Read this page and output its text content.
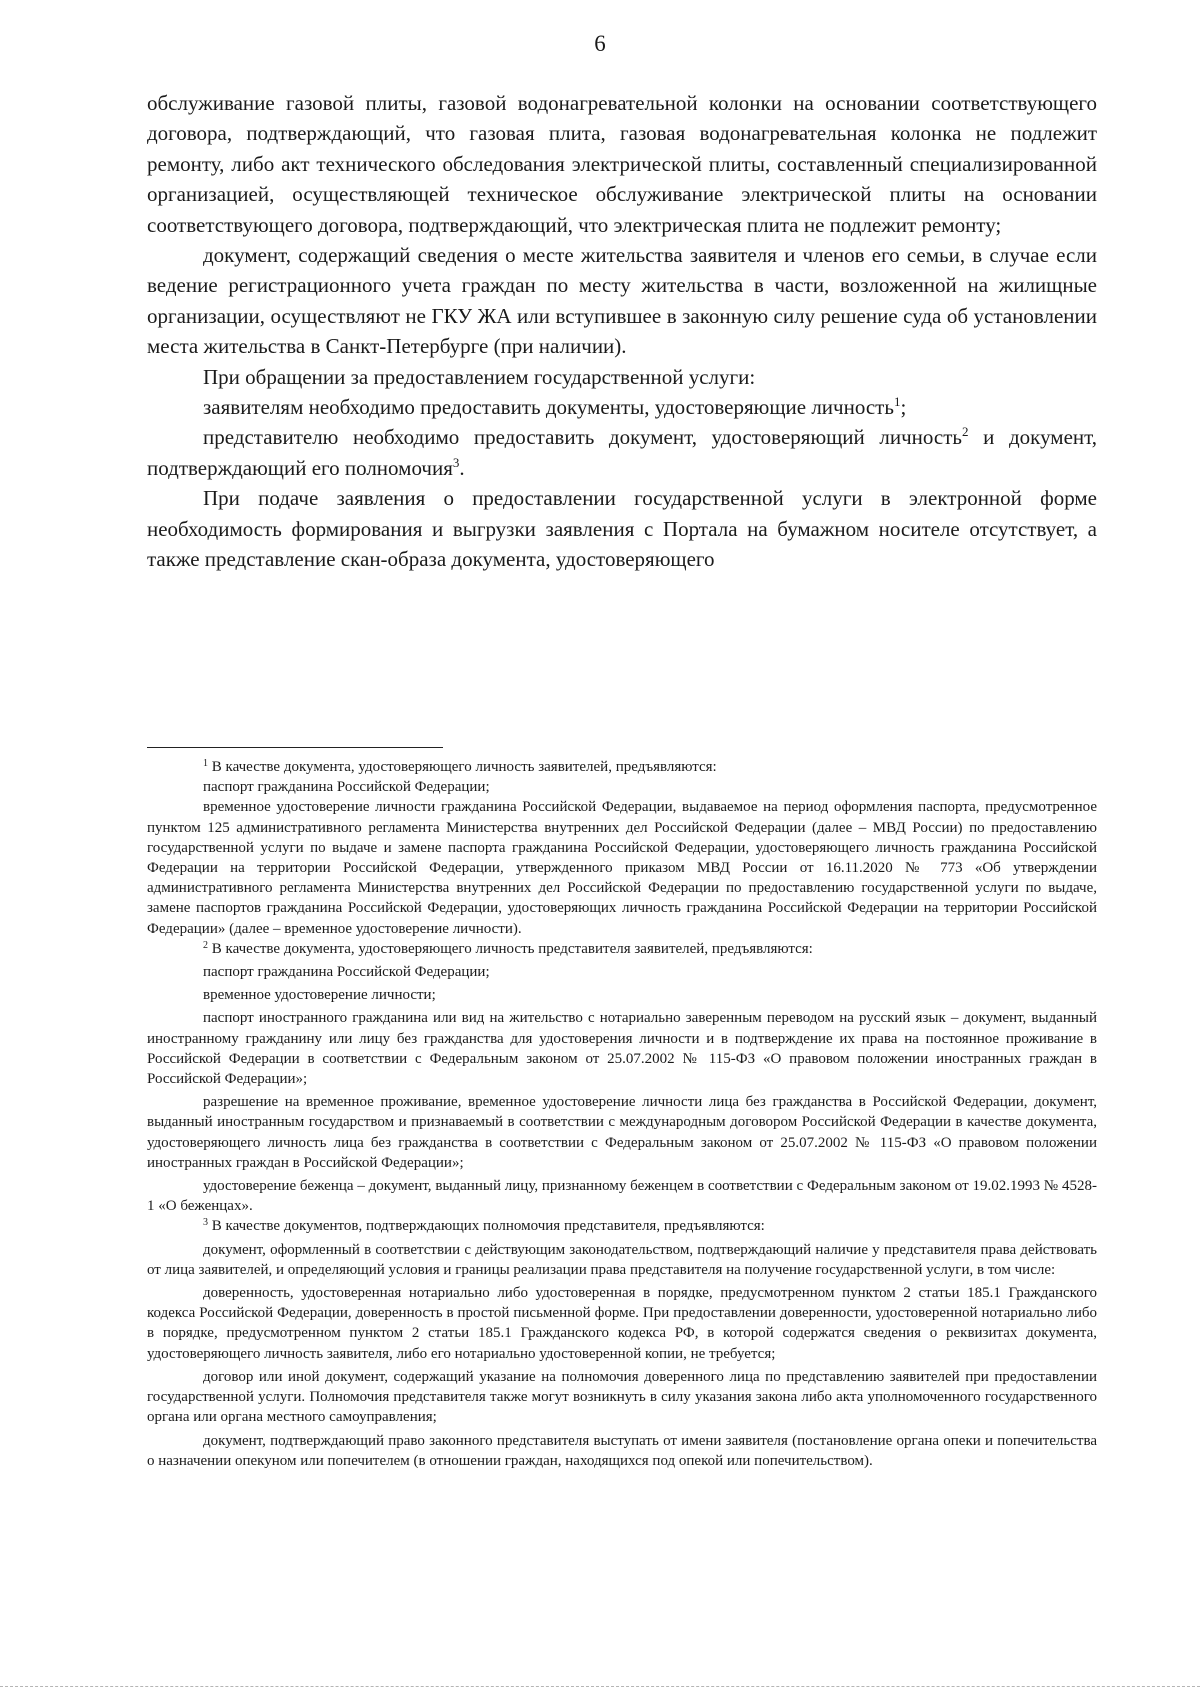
6

обслуживание газовой плиты, газовой водонагревательной колонки на основании соответствующего договора, подтверждающий, что газовая плита, газовая водонагревательная колонка не подлежит ремонту, либо акт технического обследования электрической плиты, составленный специализированной организацией, осуществляющей техническое обслуживание электрической плиты на основании соответствующего договора, подтверждающий, что электрическая плита не подлежит ремонту;

документ, содержащий сведения о месте жительства заявителя и членов его семьи, в случае если ведение регистрационного учета граждан по месту жительства в части, возложенной на жилищные организации, осуществляют не ГКУ ЖА или вступившее в законную силу решение суда об установлении места жительства в Санкт-Петербурге (при наличии).

При обращении за предоставлением государственной услуги:

заявителям необходимо предоставить документы, удостоверяющие личность$^1$;

представителю необходимо предоставить документ, удостоверяющий личность$^2$ и документ, подтверждающий его полномочия$^3$.

При подаче заявления о предоставлении государственной услуги в электронной форме необходимость формирования и выгрузки заявления с Портала на бумажном носителе отсутствует, а также представление скан-образа документа, удостоверяющего

$^1$ В качестве документа, удостоверяющего личность заявителей, предъявляются:

паспорт гражданина Российской Федерации;

временное удостоверение личности гражданина Российской Федерации, выдаваемое на период оформления паспорта, предусмотренное пунктом 125 административного регламента Министерства внутренних дел Российской Федерации (далее – МВД России) по предоставлению государственной услуги по выдаче и замене паспорта гражданина Российской Федерации, удостоверяющего личность гражданина Российской Федерации на территории Российской Федерации, утвержденного приказом МВД России от 16.11.2020 № 773 «Об утверждении административного регламента Министерства внутренних дел Российской Федерации по предоставлению государственной услуги по выдаче, замене паспортов гражданина Российской Федерации, удостоверяющих личность гражданина Российской Федерации на территории Российской Федерации» (далее – временное удостоверение личности).

$^2$ В качестве документа, удостоверяющего личность представителя заявителей, предъявляются:

паспорт гражданина Российской Федерации;

временное удостоверение личности;

паспорт иностранного гражданина или вид на жительство с нотариально заверенным переводом на русский язык – документ, выданный иностранному гражданину или лицу без гражданства для удостоверения личности и в подтверждение их права на постоянное проживание в Российской Федерации в соответствии с Федеральным законом от 25.07.2002 № 115-ФЗ «О правовом положении иностранных граждан в Российской Федерации»;

разрешение на временное проживание, временное удостоверение личности лица без гражданства в Российской Федерации, документ, выданный иностранным государством и признаваемый в соответствии с международным договором Российской Федерации в качестве документа, удостоверяющего личность лица без гражданства в соответствии с Федеральным законом от 25.07.2002 № 115-ФЗ «О правовом положении иностранных граждан в Российской Федерации»;

удостоверение беженца – документ, выданный лицу, признанному беженцем в соответствии с Федеральным законом от 19.02.1993 № 4528-1 «О беженцах».

$^3$ В качестве документов, подтверждающих полномочия представителя, предъявляются:

документ, оформленный в соответствии с действующим законодательством, подтверждающий наличие у представителя права действовать от лица заявителей, и определяющий условия и границы реализации права представителя на получение государственной услуги, в том числе:

доверенность, удостоверенная нотариально либо удостоверенная в порядке, предусмотренном пунктом 2 статьи 185.1 Гражданского кодекса Российской Федерации, доверенность в простой письменной форме. При предоставлении доверенности, удостоверенной нотариально либо в порядке, предусмотренном пунктом 2 статьи 185.1 Гражданского кодекса РФ, в которой содержатся сведения о реквизитах документа, удостоверяющего личность заявителя, либо его нотариально удостоверенной копии, не требуется;

договор или иной документ, содержащий указание на полномочия доверенного лица по представлению заявителей при предоставлении государственной услуги. Полномочия представителя также могут возникнуть в силу указания закона либо акта уполномоченного государственного органа или органа местного самоуправления;

документ, подтверждающий право законного представителя выступать от имени заявителя (постановление органа опеки и попечительства о назначении опекуном или попечителем (в отношении граждан, находящихся под опекой или попечительством).
